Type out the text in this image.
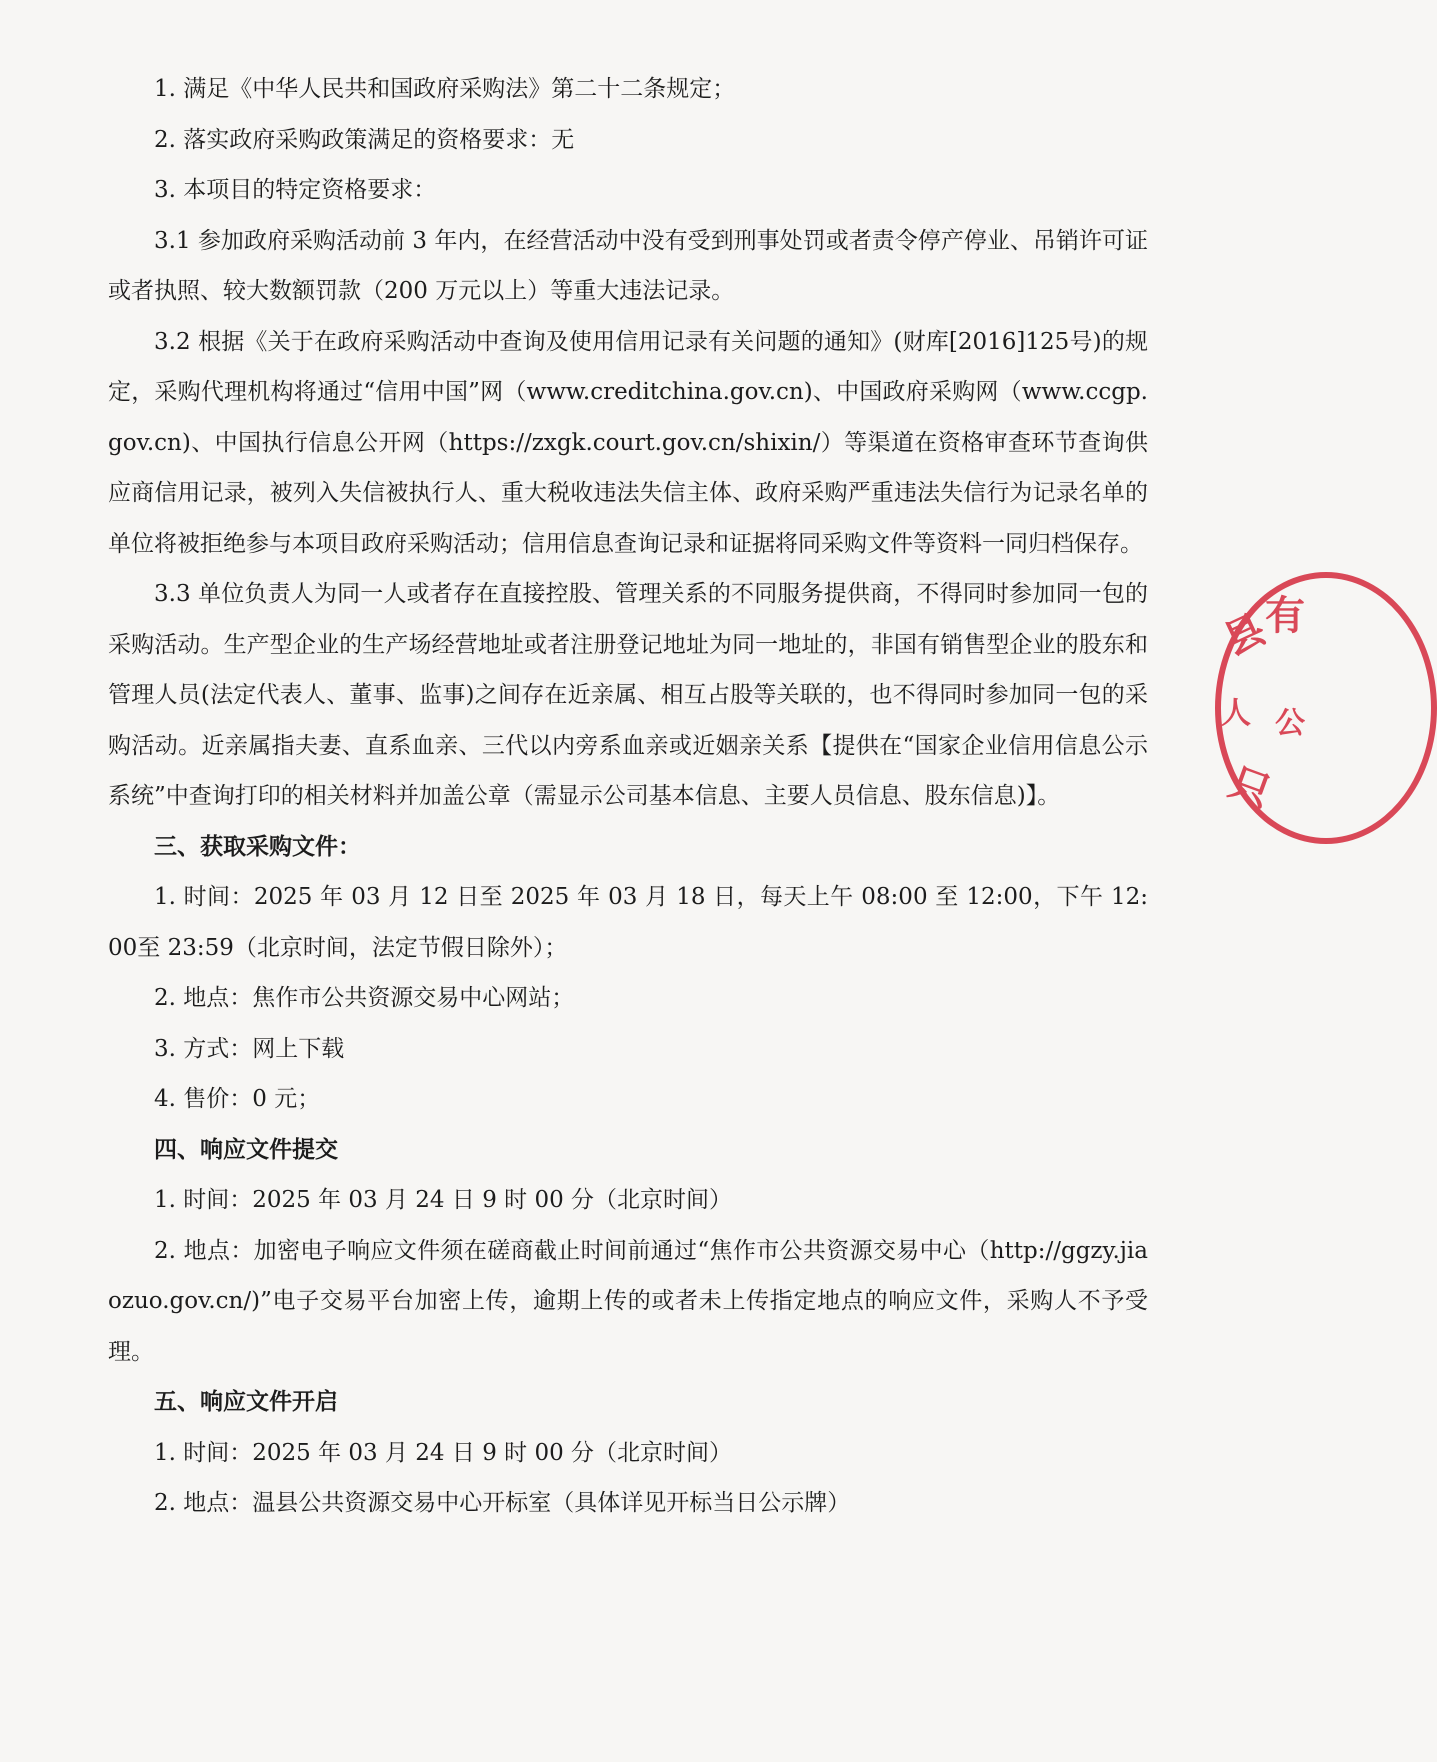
1. 满足《中华人民共和国政府采购法》第二十二条规定；

2. 落实政府采购政策满足的资格要求：无

3. 本项目的特定资格要求：

3.1 参加政府采购活动前 3 年内，在经营活动中没有受到刑事处罚或者责令停产停业、吊销许可证或者执照、较大数额罚款（200 万元以上）等重大违法记录。

3.2 根据《关于在政府采购活动中查询及使用信用记录有关问题的通知》(财库[2016]125号)的规定，采购代理机构将通过“信用中国”网（www.creditchina.gov.cn)、中国政府采购网（www.ccgp.gov.cn)、中国执行信息公开网（https://zxgk.court.gov.cn/shixin/）等渠道在资格审查环节查询供应商信用记录，被列入失信被执行人、重大税收违法失信主体、政府采购严重违法失信行为记录名单的单位将被拒绝参与本项目政府采购活动；信用信息查询记录和证据将同采购文件等资料一同归档保存。

3.3 单位负责人为同一人或者存在直接控股、管理关系的不同服务提供商，不得同时参加同一包的采购活动。生产型企业的生产场经营地址或者注册登记地址为同一地址的，非国有销售型企业的股东和管理人员(法定代表人、董事、监事)之间存在近亲属、相互占股等关联的，也不得同时参加同一包的采购活动。近亲属指夫妻、直系血亲、三代以内旁系血亲或近姻亲关系【提供在“国家企业信用信息公示系统”中查询打印的相关材料并加盖公章（需显示公司基本信息、主要人员信息、股东信息)】。

三、获取采购文件：

1. 时间：2025 年 03 月 12 日至 2025 年 03 月 18 日，每天上午 08:00 至 12:00，下午 12:00至 23:59（北京时间，法定节假日除外）；

2. 地点：焦作市公共资源交易中心网站；

3. 方式：网上下载

4. 售价：0 元；

四、响应文件提交

1. 时间：2025 年 03 月 24 日 9 时 00 分（北京时间）

2. 地点：加密电子响应文件须在磋商截止时间前通过“焦作市公共资源交易中心（http://ggzy.jiaozuo.gov.cn/)”电子交易平台加密上传，逾期上传的或者未上传指定地点的响应文件，采购人不予受理。

五、响应文件开启

1. 时间：2025 年 03 月 24 日 9 时 00 分（北京时间）

2. 地点：温县公共资源交易中心开标室（具体详见开标当日公示牌）

县
有
人
只
公
